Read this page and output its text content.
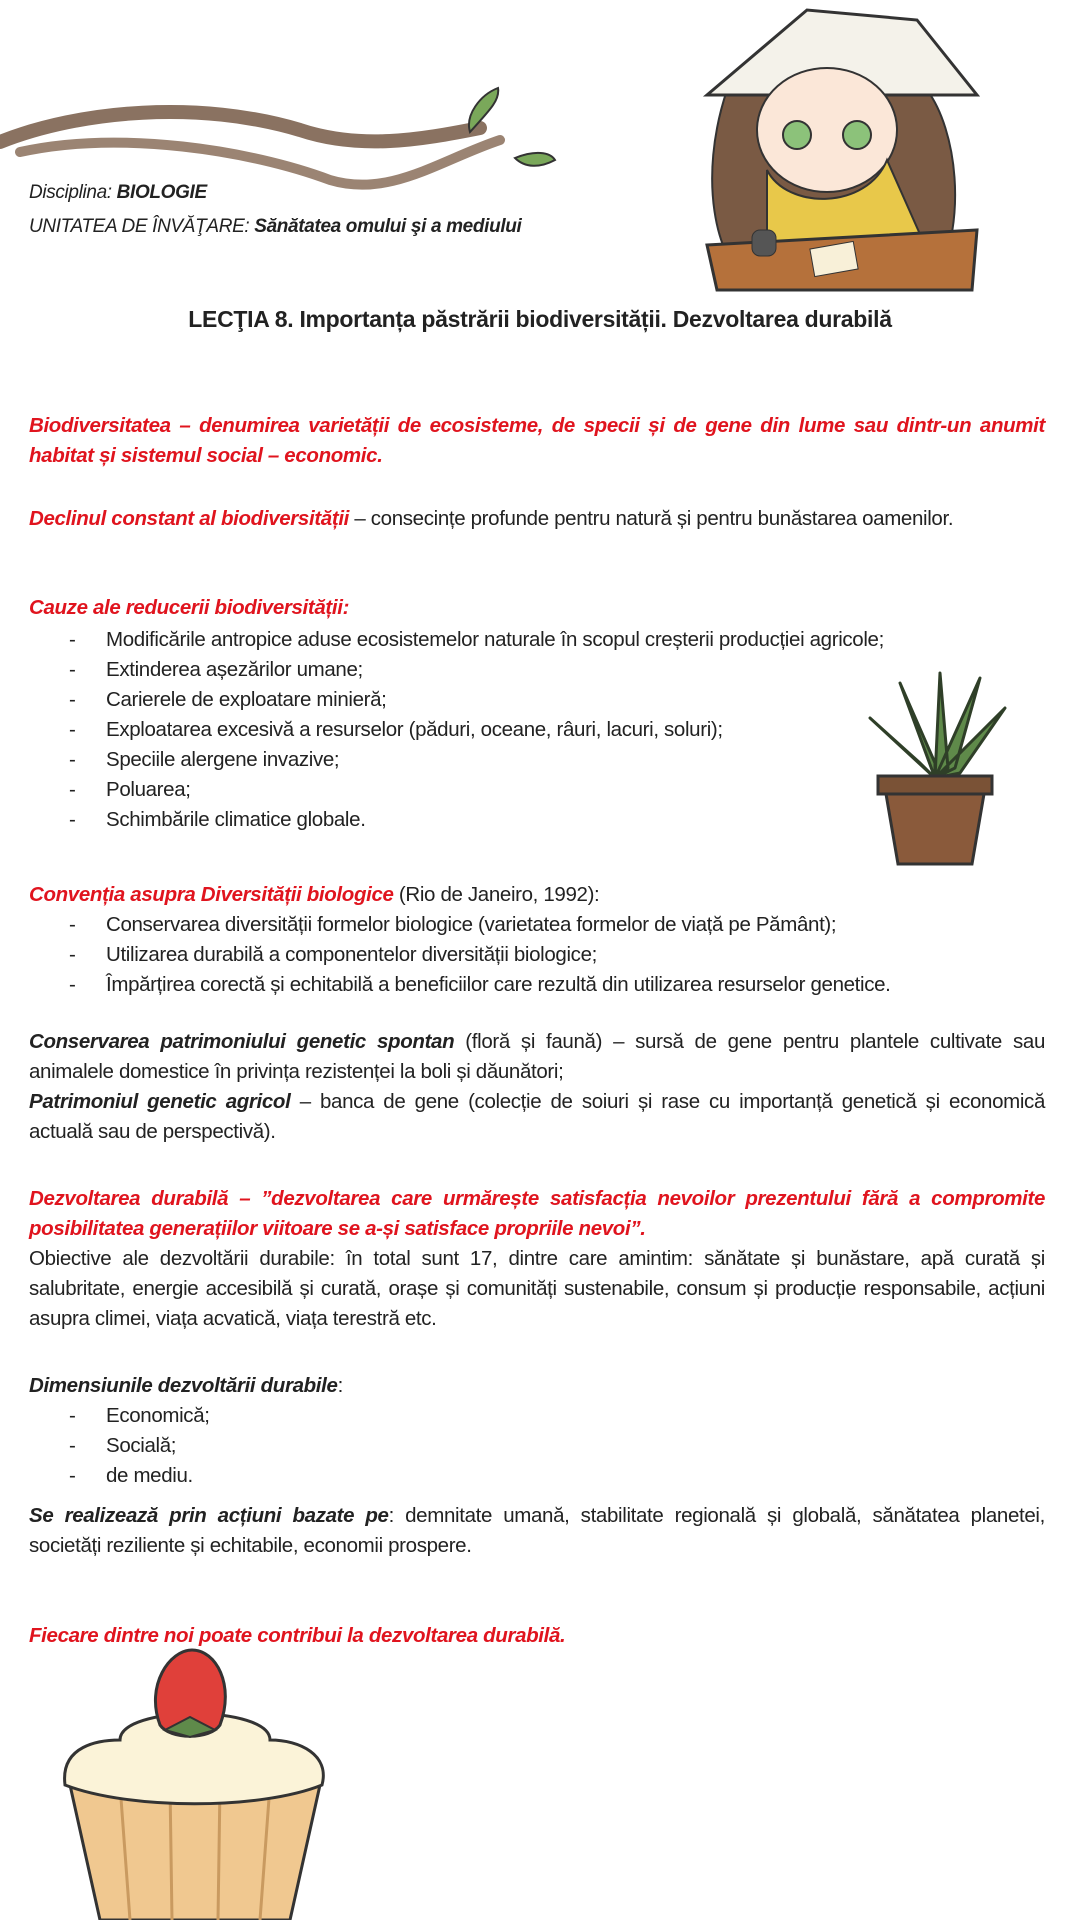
Disciplina: BIOLOGIE
UNITATEA DE ÎNVĂŢARE: Sănătatea omului şi a mediului
LECŢIA 8. Importanța păstrării biodiversității. Dezvoltarea durabilă
Biodiversitatea – denumirea varietății de ecosisteme, de specii și de gene din lume sau dintr-un anumit habitat și sistemul social – economic.
Declinul constant al biodiversității – consecințe profunde pentru natură și pentru bunăstarea oamenilor.
Cauze ale reducerii biodiversității:
- Modificările antropice aduse ecosistemelor naturale în scopul creșterii producției agricole;
- Extinderea așezărilor umane;
- Carierele de exploatare minieră;
- Exploatarea excesivă a resurselor (păduri, oceane, râuri, lacuri, soluri);
- Speciile alergene invazive;
- Poluarea;
- Schimbările climatice globale.
Convenția asupra Diversității biologice (Rio de Janeiro, 1992):
- Conservarea diversității formelor biologice (varietatea formelor de viață pe Pământ);
- Utilizarea durabilă a componentelor diversității biologice;
- Împărțirea corectă și echitabilă a beneficiilor care rezultă din utilizarea resurselor genetice.
Conservarea patrimoniului genetic spontan (floră și faună) – sursă de gene pentru plantele cultivate sau animalele domestice în privința rezistenței la boli și dăunători;
Patrimoniul genetic agricol – banca de gene (colecție de soiuri și rase cu importanță genetică și economică actuală sau de perspectivă).
Dezvoltarea durabilă – ”dezvoltarea care urmărește satisfacția nevoilor prezentului fără a compromite posibilitatea generațiilor viitoare se a-și satisface propriile nevoi”.
Obiective ale dezvoltării durabile: în total sunt 17, dintre care amintim: sănătate și bunăstare, apă curată și salubritate, energie accesibilă și curată, orașe și comunități sustenabile, consum și producție responsabile, acțiuni asupra climei, viața acvatică, viața terestră etc.
Dimensiunile dezvoltării durabile:
- Economică;
- Socială;
- de mediu.
Se realizează prin acțiuni bazate pe: demnitate umană, stabilitate regională și globală, sănătatea planetei, societăți reziliente și echitabile, economii prospere.
Fiecare dintre noi poate contribui la dezvoltarea durabilă.
